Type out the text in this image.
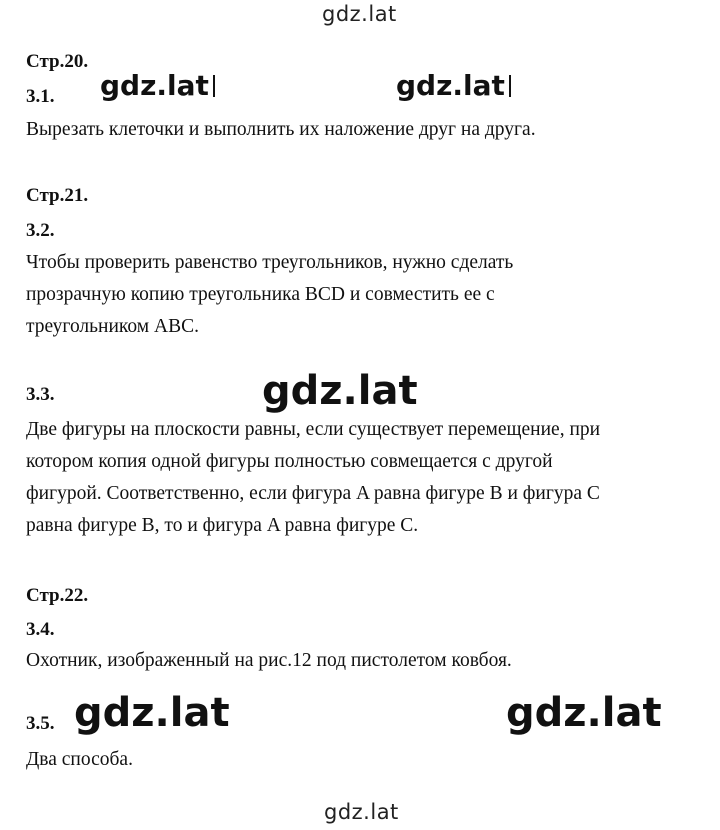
gdz.lat
Стр.20.
3.1. gdz.lat	gdz.lat
Вырезать клеточки и выполнить их наложение друг на друга.
Стр.21.
3.2.
Чтобы проверить равенство треугольников, нужно сделать
прозрачную копию треугольника BCD и совместить ее с
треугольником ABC.
3.3.	gdz.lat
Две фигуры на плоскости равны, если существует перемещение, при
котором копия одной фигуры полностью совмещается с другой
фигурой. Соответственно, если фигура A равна фигуре B и фигура C
равна фигуре B, то и фигура A равна фигуре C.
Стр.22.
3.4.
Охотник, изображенный на рис.12 под пистолетом ковбоя.
3.5. gdz.lat	gdz.lat
Два способа.
gdz.lat
